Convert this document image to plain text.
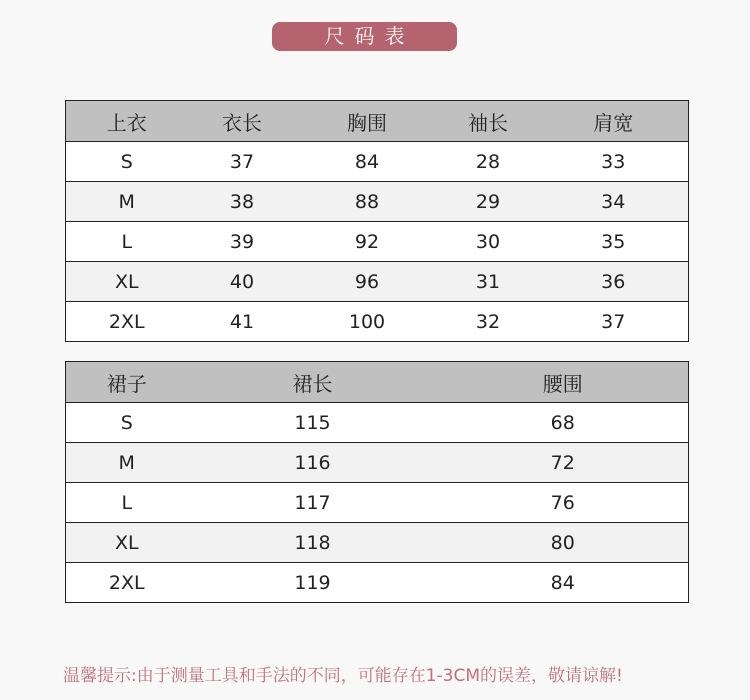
尺码表
上衣	衣长	胸围	袖长	肩宽
S	37	84	28	33
M	38	88	29	34
L	39	92	30	35
XL	40	96	31	36
2XL	41	100	32	37
裙子	裙长	腰围
S	115	68
M	116	72
L	117	76
XL	118	80
2XL	119	84
温馨提示:由于测量工具和手法的不同，可能存在1-3CM的误差，敬请谅解!
